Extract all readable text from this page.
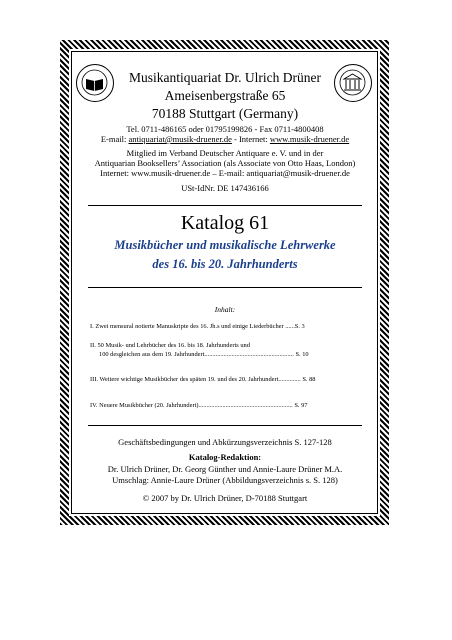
Musikantiquariat Dr. Ulrich Drüner
Ameisenbergstraße 65
70188 Stuttgart (Germany)
Tel. 0711-486165 oder 01795199826 - Fax 0711-4800408
E-mail: antiquariat@musik-druener.de - Internet: www.musik-druener.de
Mitglied im Verband Deutscher Antiquare e. V. und in der
Antiquarian Booksellers’ Association (als Associate von Otto Haas, London)
Internet: www.musik-druener.de – E-mail: antiquariat@musik-druener.de
USt-IdNr. DE 147436166
Katalog 61
Musikbücher und musikalische Lehrwerke
des 16. bis 20. Jahrhunderts
Inhalt:
I. Zwei mensural notierte Manuskripte des 16. Jh.s und einige Liederbücher ......S. 3
II. 50 Musik- und Lehrbücher des 16. bis 18. Jahrhunderts und
100 desgleichen aus dem 19. Jahrhundert........................................................ S. 10
III. Weitere wichtige Musikbücher des späten 19. und des 20. Jahrhundert.............. S. 88
IV. Neuere Musikbücher (20. Jahrhundert)........................................................... S. 97
Geschäftsbedingungen und Abkürzungsverzeichnis S. 127-128
Katalog-Redaktion:
Dr. Ulrich Drüner, Dr. Georg Günther und Annie-Laure Drüner M.A.
Umschlag: Annie-Laure Drüner (Abbildungsverzeichnis s. S. 128)
© 2007 by Dr. Ulrich Drüner, D-70188 Stuttgart
